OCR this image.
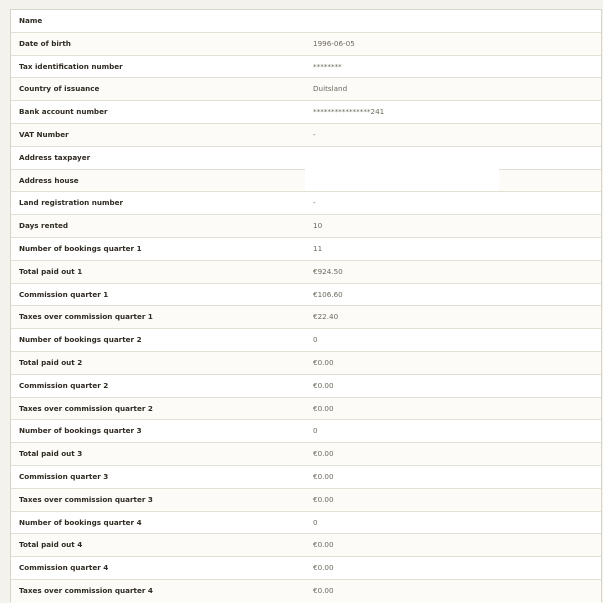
Name
Date of birth	1996-06-05
Tax identification number	********
Country of issuance	Duitsland
Bank account number	****************241
VAT Number	-
Address taxpayer
Address house
Land registration number	-
Days rented	10
Number of bookings quarter 1	11
Total paid out 1	€924.50
Commission quarter 1	€106.60
Taxes over commission quarter 1	€22.40
Number of bookings quarter 2	0
Total paid out 2	€0.00
Commission quarter 2	€0.00
Taxes over commission quarter 2	€0.00
Number of bookings quarter 3	0
Total paid out 3	€0.00
Commission quarter 3	€0.00
Taxes over commission quarter 3	€0.00
Number of bookings quarter 4	0
Total paid out 4	€0.00
Commission quarter 4	€0.00
Taxes over commission quarter 4	€0.00
